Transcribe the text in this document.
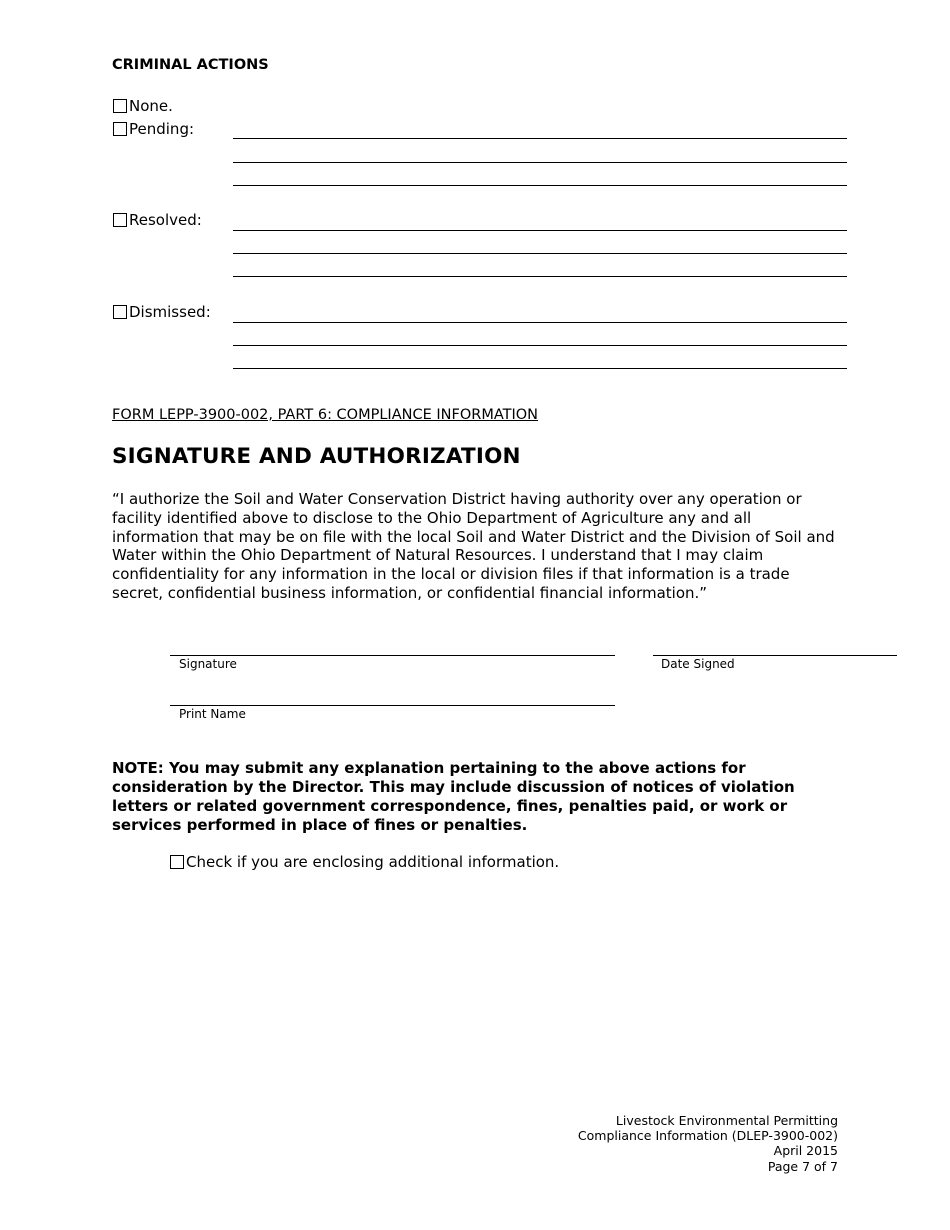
CRIMINAL ACTIONS
None.
Pending:
Resolved:
Dismissed:
FORM LEPP-3900-002, PART 6: COMPLIANCE INFORMATION
SIGNATURE AND AUTHORIZATION
“I authorize the Soil and Water Conservation District having authority over any operation or facility identified above to disclose to the Ohio Department of Agriculture any and all information that may be on file with the local Soil and Water District and the Division of Soil and Water within the Ohio Department of Natural Resources. I understand that I may claim confidentiality for any information in the local or division files if that information is a trade secret, confidential business information, or confidential financial information.”
Signature	Date Signed
Print Name
NOTE: You may submit any explanation pertaining to the above actions for consideration by the Director. This may include discussion of notices of violation letters or related government correspondence, fines, penalties paid, or work or services performed in place of fines or penalties.
Check if you are enclosing additional information.
Livestock Environmental Permitting
Compliance Information (DLEP-3900-002)
April 2015
Page 7 of 7
